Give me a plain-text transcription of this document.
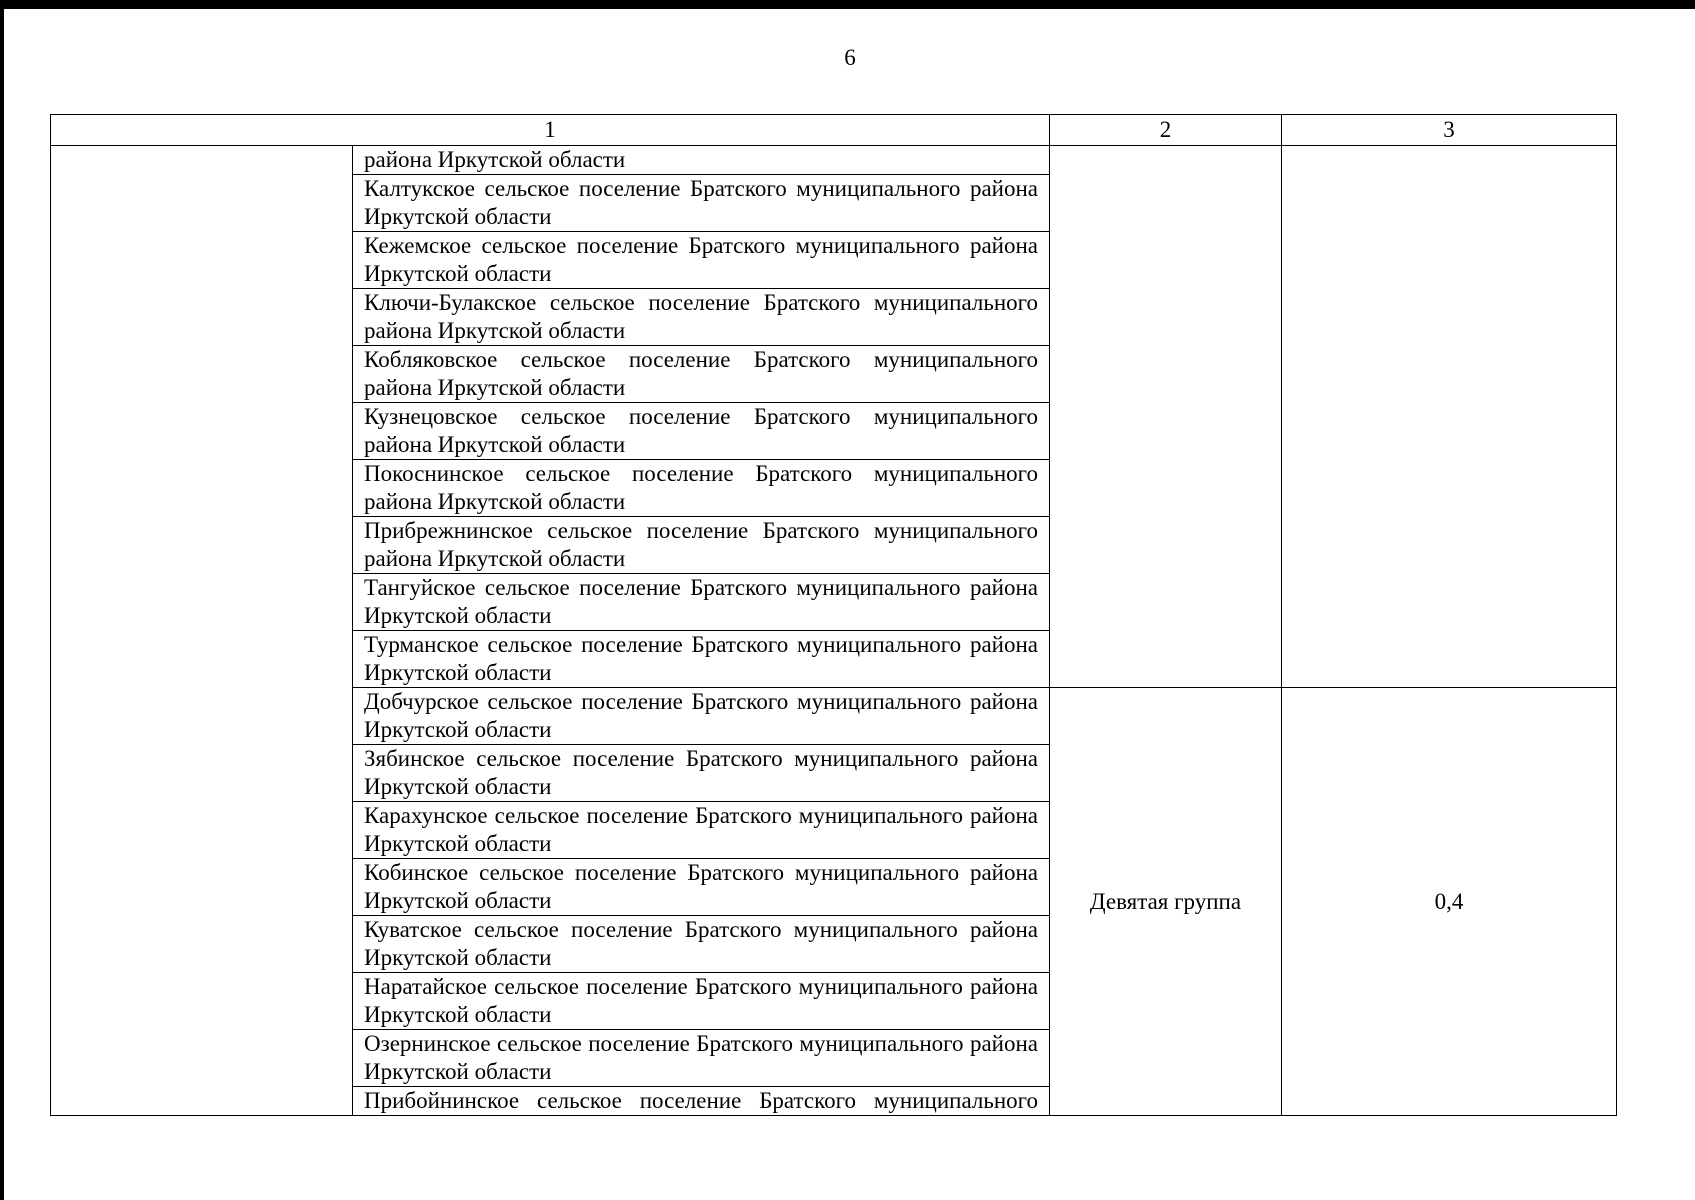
6
1		2	3
	района Иркутской области		
	Калтукское сельское поселение Братского муниципального района Иркутской области		
	Кежемское сельское поселение Братского муниципального района Иркутской области		
	Ключи-Булакское сельское поселение Братского муниципального района Иркутской области		
	Кобляковское сельское поселение Братского муниципального района Иркутской области		
	Кузнецовское сельское поселение Братского муниципального района Иркутской области		
	Покоснинское сельское поселение Братского муниципального района Иркутской области		
	Прибрежнинское сельское поселение Братского муниципального района Иркутской области		
	Тангуйское сельское поселение Братского муниципального района Иркутской области		
	Турманское сельское поселение Братского муниципального района Иркутской области		
	Добчурское сельское поселение Братского муниципального района Иркутской области	Девятая группа	0,4
	Зябинское сельское поселение Братского муниципального района Иркутской области		
	Карахунское сельское поселение Братского муниципального района Иркутской области		
	Кобинское сельское поселение Братского муниципального района Иркутской области		
	Куватское сельское поселение Братского муниципального района Иркутской области		
	Наратайское сельское поселение Братского муниципального района Иркутской области		
	Озернинское сельское поселение Братского муниципального района Иркутской области		
	Прибойнинское сельское поселение Братского муниципального		
